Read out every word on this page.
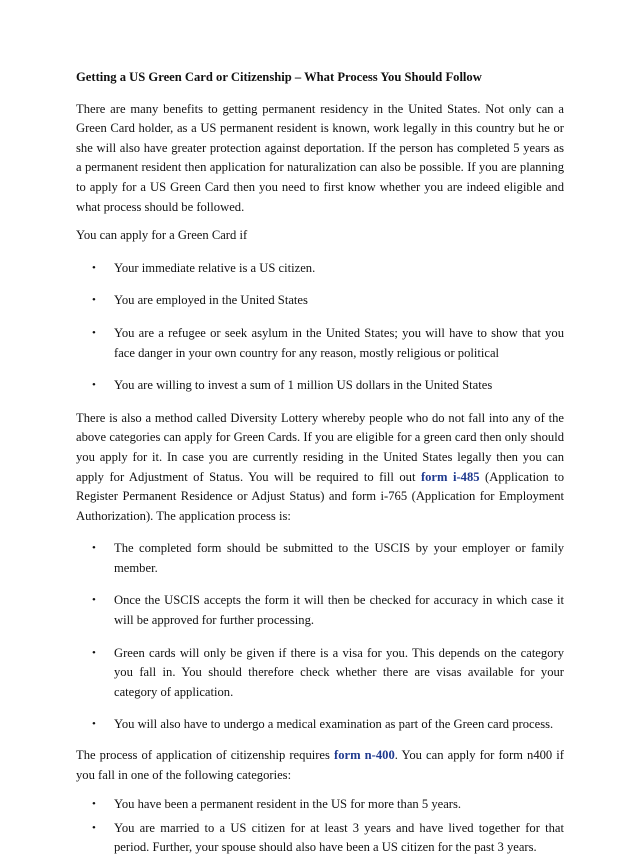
Getting a US Green Card or Citizenship – What Process You Should Follow

There are many benefits to getting permanent residency in the United States. Not only can a Green Card holder, as a US permanent resident is known, work legally in this country but he or she will also have greater protection against deportation. If the person has completed 5 years as a permanent resident then application for naturalization can also be possible. If you are planning to apply for a US Green Card then you need to first know whether you are indeed eligible and what process should be followed.

You can apply for a Green Card if

• Your immediate relative is a US citizen.
• You are employed in the United States
• You are a refugee or seek asylum in the United States; you will have to show that you face danger in your own country for any reason, mostly religious or political
• You are willing to invest a sum of 1 million US dollars in the United States

There is also a method called Diversity Lottery whereby people who do not fall into any of the above categories can apply for Green Cards. If you are eligible for a green card then only should you apply for it. In case you are currently residing in the United States legally then you can apply for Adjustment of Status. You will be required to fill out form i-485 (Application to Register Permanent Residence or Adjust Status) and form i-765 (Application for Employment Authorization). The application process is:

• The completed form should be submitted to the USCIS by your employer or family member.
• Once the USCIS accepts the form it will then be checked for accuracy in which case it will be approved for further processing.
• Green cards will only be given if there is a visa for you. This depends on the category you fall in. You should therefore check whether there are visas available for your category of application.
• You will also have to undergo a medical examination as part of the Green card process.

The process of application of citizenship requires form n-400. You can apply for form n400 if you fall in one of the following categories:

• You have been a permanent resident in the US for more than 5 years.
• You are married to a US citizen for at least 3 years and have lived together for that period. Further, your spouse should also have been a US citizen for the past 3 years.
